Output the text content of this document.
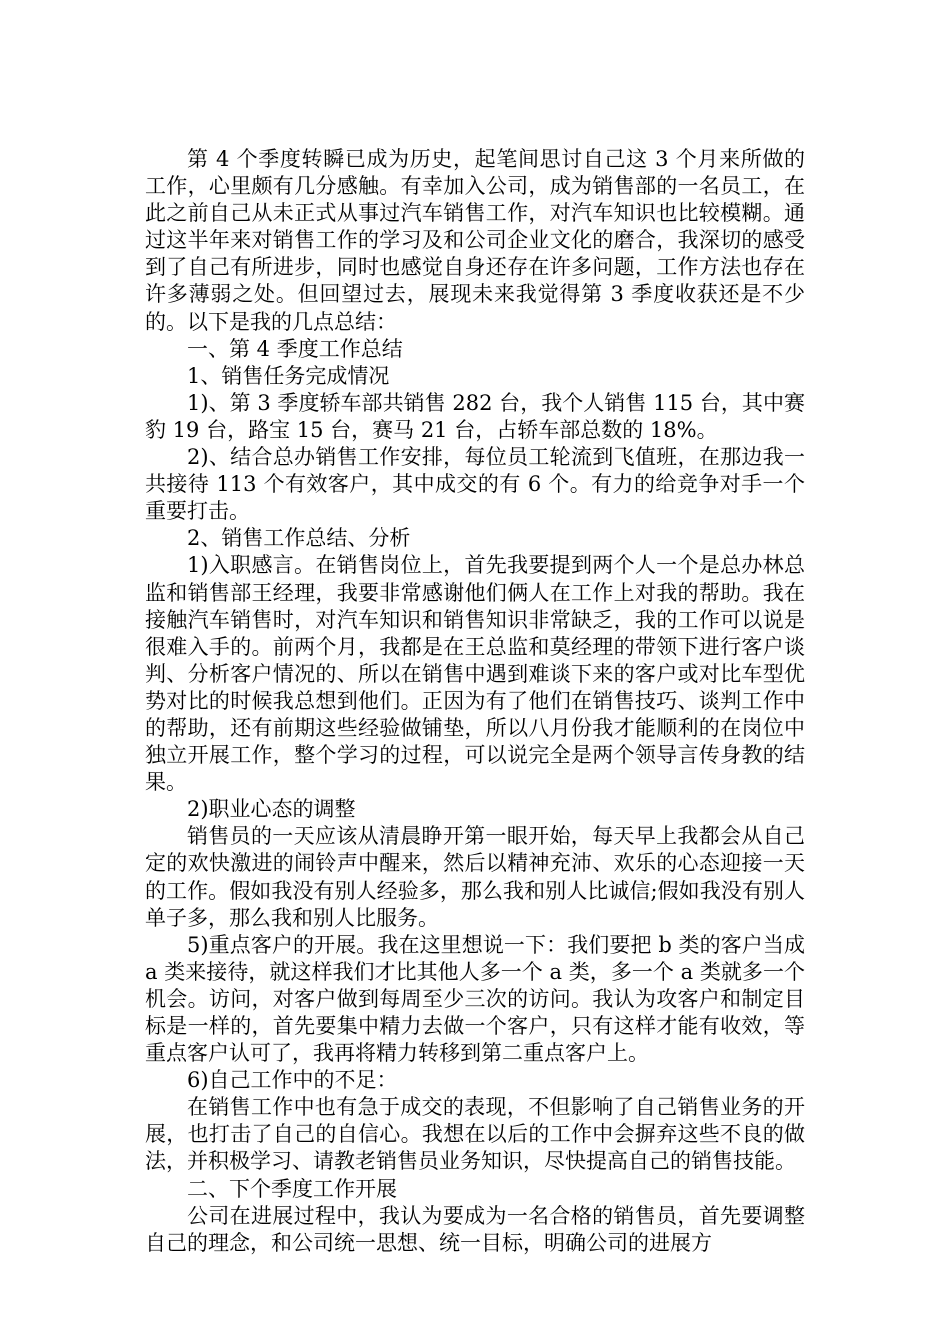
第 4 个季度转瞬已成为历史，起笔间思讨自己这 3 个月来所做的工作，心里颇有几分感触。有幸加入公司，成为销售部的一名员工，在此之前自己从未正式从事过汽车销售工作，对汽车知识也比较模糊。通过这半年来对销售工作的学习及和公司企业文化的磨合，我深切的感受到了自己有所进步，同时也感觉自身还存在许多问题，工作方法也存在许多薄弱之处。但回望过去，展现未来我觉得第 3 季度收获还是不少的。以下是我的几点总结：

一、第 4 季度工作总结

1、销售任务完成情况

1)、第 3 季度轿车部共销售 282 台，我个人销售 115 台，其中赛豹 19 台，路宝 15 台，赛马 21 台，占轿车部总数的 18%。

2)、结合总办销售工作安排，每位员工轮流到飞值班，在那边我一共接待 113 个有效客户，其中成交的有 6 个。有力的给竞争对手一个重要打击。

2、销售工作总结、分析

1)入职感言。在销售岗位上，首先我要提到两个人一个是总办林总监和销售部王经理，我要非常感谢他们俩人在工作上对我的帮助。我在接触汽车销售时，对汽车知识和销售知识非常缺乏，我的工作可以说是很难入手的。前两个月，我都是在王总监和莫经理的带领下进行客户谈判、分析客户情况的、所以在销售中遇到难谈下来的客户或对比车型优势对比的时候我总想到他们。正因为有了他们在销售技巧、谈判工作中的帮助，还有前期这些经验做铺垫，所以八月份我才能顺利的在岗位中独立开展工作，整个学习的过程，可以说完全是两个领导言传身教的结果。

2)职业心态的调整

销售员的一天应该从清晨睁开第一眼开始，每天早上我都会从自己定的欢快激进的闹铃声中醒来，然后以精神充沛、欢乐的心态迎接一天的工作。假如我没有别人经验多，那么我和别人比诚信;假如我没有别人单子多，那么我和别人比服务。

5)重点客户的开展。我在这里想说一下：我们要把 b 类的客户当成 a 类来接待，就这样我们才比其他人多一个 a 类，多一个 a 类就多一个机会。访问，对客户做到每周至少三次的访问。我认为攻客户和制定目标是一样的，首先要集中精力去做一个客户，只有这样才能有收效，等重点客户认可了，我再将精力转移到第二重点客户上。

6)自己工作中的不足：

在销售工作中也有急于成交的表现，不但影响了自己销售业务的开展，也打击了自己的自信心。我想在以后的工作中会摒弃这些不良的做法，并积极学习、请教老销售员业务知识，尽快提高自己的销售技能。

二、下个季度工作开展

公司在进展过程中，我认为要成为一名合格的销售员，首先要调整自己的理念，和公司统一思想、统一目标，明确公司的进展方
